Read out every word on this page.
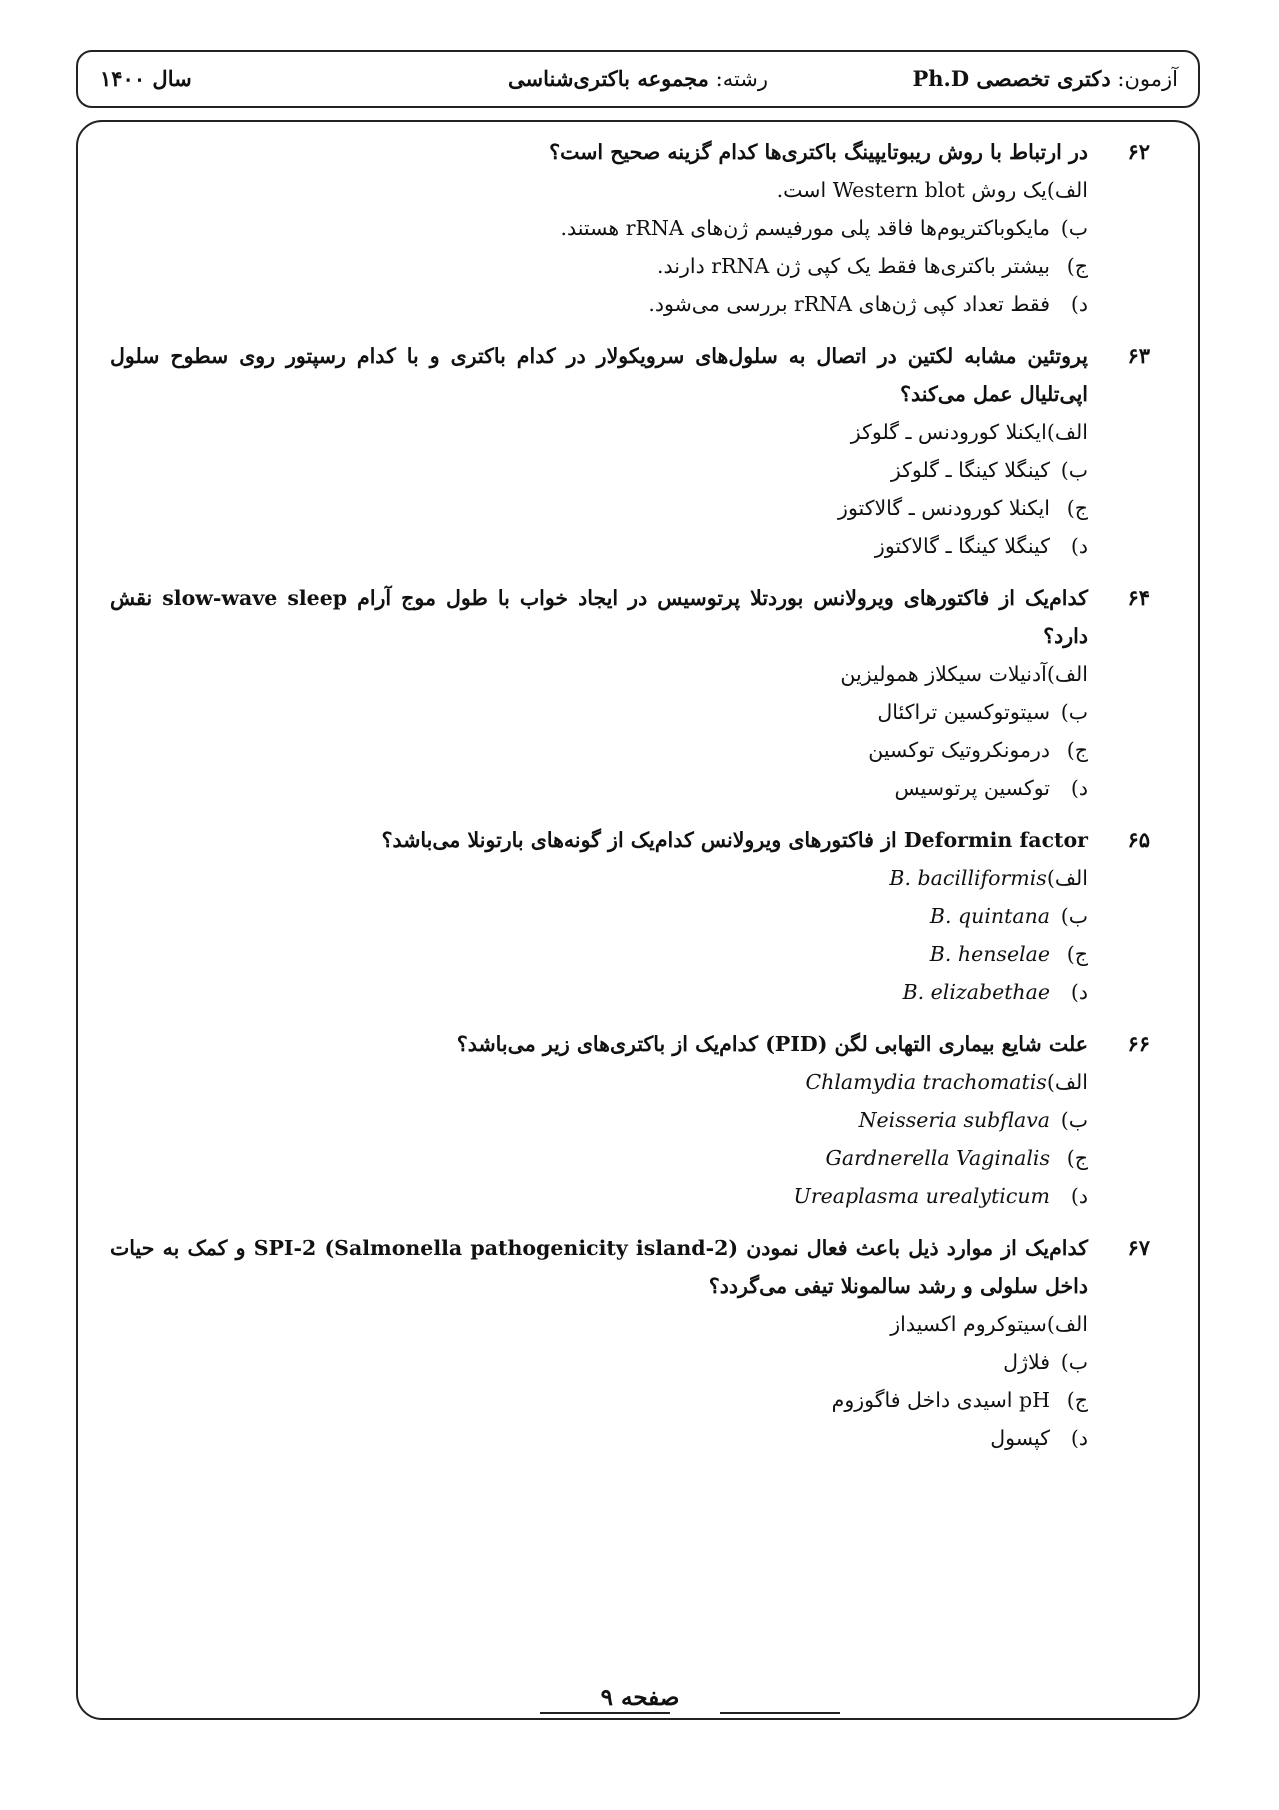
آزمون: دکتری تخصصی Ph.D
رشته: مجموعه باکتری‌شناسی
سال ۱۴۰۰
۶۲
در ارتباط با روش ریبوتایپینگ باکتری‌ها کدام گزینه صحیح است؟
الف)یک روش Western blot است.
ب)مایکوباکتریوم‌ها فاقد پلی مورفیسم ژن‌های rRNA هستند.
ج)بیشتر باکتری‌ها فقط یک کپی ژن rRNA دارند.
د)فقط تعداد کپی ژن‌های rRNA بررسی می‌شود.
۶۳
پروتئین مشابه لکتین در اتصال به سلول‌های سرویکولار در کدام باکتری و با کدام رسپتور روی سطوح سلول اپی‌تلیال عمل می‌کند؟
الف)ایکنلا کورودنس ـ گلوکز
ب)کینگلا کینگا ـ گلوکز
ج)ایکنلا کورودنس ـ گالاکتوز
د)کینگلا کینگا ـ گالاکتوز
۶۴
کدام‌یک از فاکتورهای ویرولانس بوردتلا پرتوسیس در ایجاد خواب با طول موج آرام slow-wave sleep نقش دارد؟
الف)آدنیلات سیکلاز همولیزین
ب)سیتوتوکسین تراکئال
ج)درمونکروتیک توکسین
د)توکسین پرتوسیس
۶۵
Deformin factor از فاکتورهای ویرولانس کدام‌یک از گونه‌های بارتونلا می‌باشد؟
الف)B. bacilliformis
ب)B. quintana
ج)B. henselae
د)B. elizabethae
۶۶
علت شایع بیماری التهابی لگن (PID) کدام‌یک از باکتری‌های زیر می‌باشد؟
الف)Chlamydia trachomatis
ب)Neisseria subflava
ج)Gardnerella Vaginalis
د)Ureaplasma urealyticum
۶۷
کدام‌یک از موارد ذیل باعث فعال نمودن SPI-2 (Salmonella pathogenicity island-2) و کمک به حیات داخل سلولی و رشد سالمونلا تیفی می‌گردد؟
الف)سیتوکروم اکسیداز
ب)فلاژل
ج)pH اسیدی داخل فاگوزوم
د)کپسول
صفحه ۹
